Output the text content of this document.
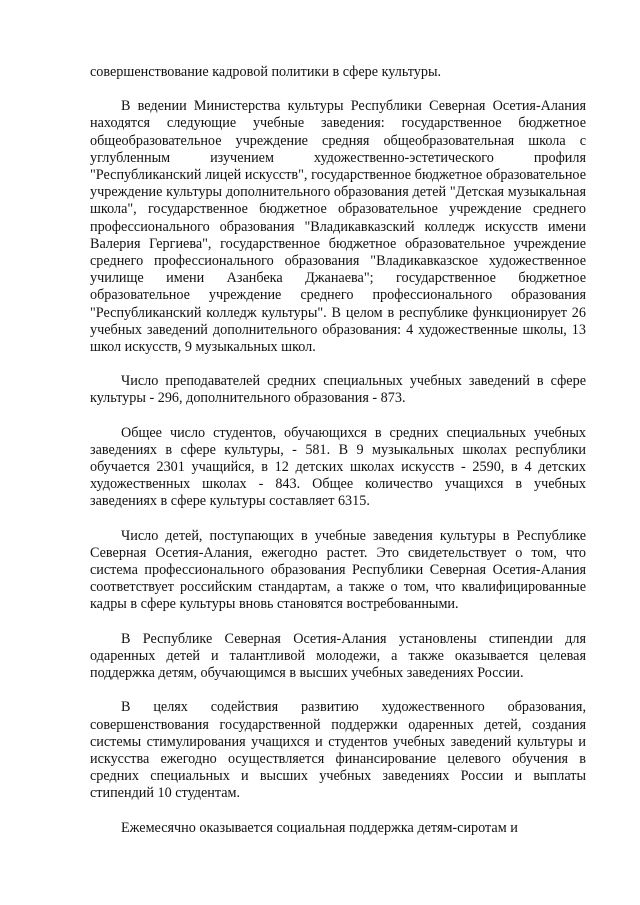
совершенствование кадровой политики в сфере культуры.

В ведении Министерства культуры Республики Северная Осетия-Алания находятся следующие учебные заведения: государственное бюджетное общеобразовательное учреждение средняя общеобразовательная школа с углубленным изучением художественно-эстетического профиля "Республиканский лицей искусств", государственное бюджетное образовательное учреждение культуры дополнительного образования детей "Детская музыкальная школа", государственное бюджетное образовательное учреждение среднего профессионального образования "Владикавказский колледж искусств имени Валерия Гергиева", государственное бюджетное образовательное учреждение среднего профессионального образования "Владикавказское художественное училище имени Азанбека Джанаева"; государственное бюджетное образовательное учреждение среднего профессионального образования "Республиканский колледж культуры". В целом в республике функционирует 26 учебных заведений дополнительного образования: 4 художественные школы, 13 школ искусств, 9 музыкальных школ.

Число преподавателей средних специальных учебных заведений в сфере культуры - 296, дополнительного образования - 873.

Общее число студентов, обучающихся в средних специальных учебных заведениях в сфере культуры, - 581. В 9 музыкальных школах республики обучается 2301 учащийся, в 12 детских школах искусств - 2590, в 4 детских художественных школах - 843. Общее количество учащихся в учебных заведениях в сфере культуры составляет 6315.

Число детей, поступающих в учебные заведения культуры в Республике Северная Осетия-Алания, ежегодно растет. Это свидетельствует о том, что система профессионального образования Республики Северная Осетия-Алания соответствует российским стандартам, а также о том, что квалифицированные кадры в сфере культуры вновь становятся востребованными.

В Республике Северная Осетия-Алания установлены стипендии для одаренных детей и талантливой молодежи, а также оказывается целевая поддержка детям, обучающимся в высших учебных заведениях России.

В целях содействия развитию художественного образования, совершенствования государственной поддержки одаренных детей, создания системы стимулирования учащихся и студентов учебных заведений культуры и искусства ежегодно осуществляется финансирование целевого обучения в средних специальных и высших учебных заведениях России и выплаты стипендий 10 студентам.

Ежемесячно оказывается социальная поддержка детям-сиротам и
